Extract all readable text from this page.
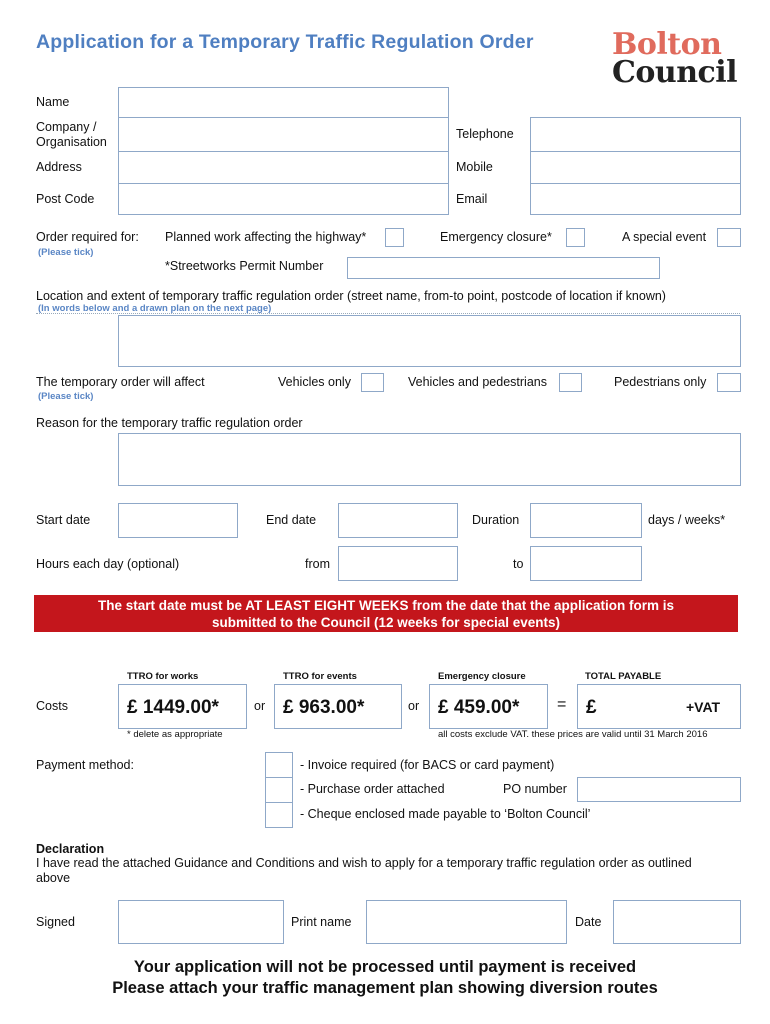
Application for a Temporary Traffic Regulation Order	Bolton
Council
Name
Company /
Organisation
Telephone
Address	Mobile
Post Code	Email
Order required for:
(Please tick)
Planned work affecting the highway*	Emergency closure*	A special event
*Streetworks Permit Number
Location and extent of temporary traffic regulation order (street name, from-to point, postcode of location if known)
(In words below and a drawn plan on the next page)
The temporary order will affect
(Please tick)
Vehicles only	Vehicles and pedestrians	Pedestrians only
Reason for the temporary traffic regulation order
Start date	End date	Duration	days / weeks*
Hours each day (optional)	from	to
The start date must be AT LEAST EIGHT WEEKS from the date that the application form is
submitted to the Council (12 weeks for special events)
TTRO for works	TTRO for events	Emergency closure	TOTAL PAYABLE
Costs	£ 1449.00*	or £ 963.00*	or £ 459.00*	=	£	+VAT
* delete as appropriate	all costs exclude VAT. these prices are valid until 31 March 2016
Payment method:	- Invoice required (for BACS or card payment)
- Purchase order attached	PO number
- Cheque enclosed made payable to ‘Bolton Council’
Declaration
I have read the attached Guidance and Conditions and wish to apply for a temporary traffic regulation order as outlined
above
Signed	Print name	Date
Your application will not be processed until payment is received
Please attach your traffic management plan showing diversion routes
